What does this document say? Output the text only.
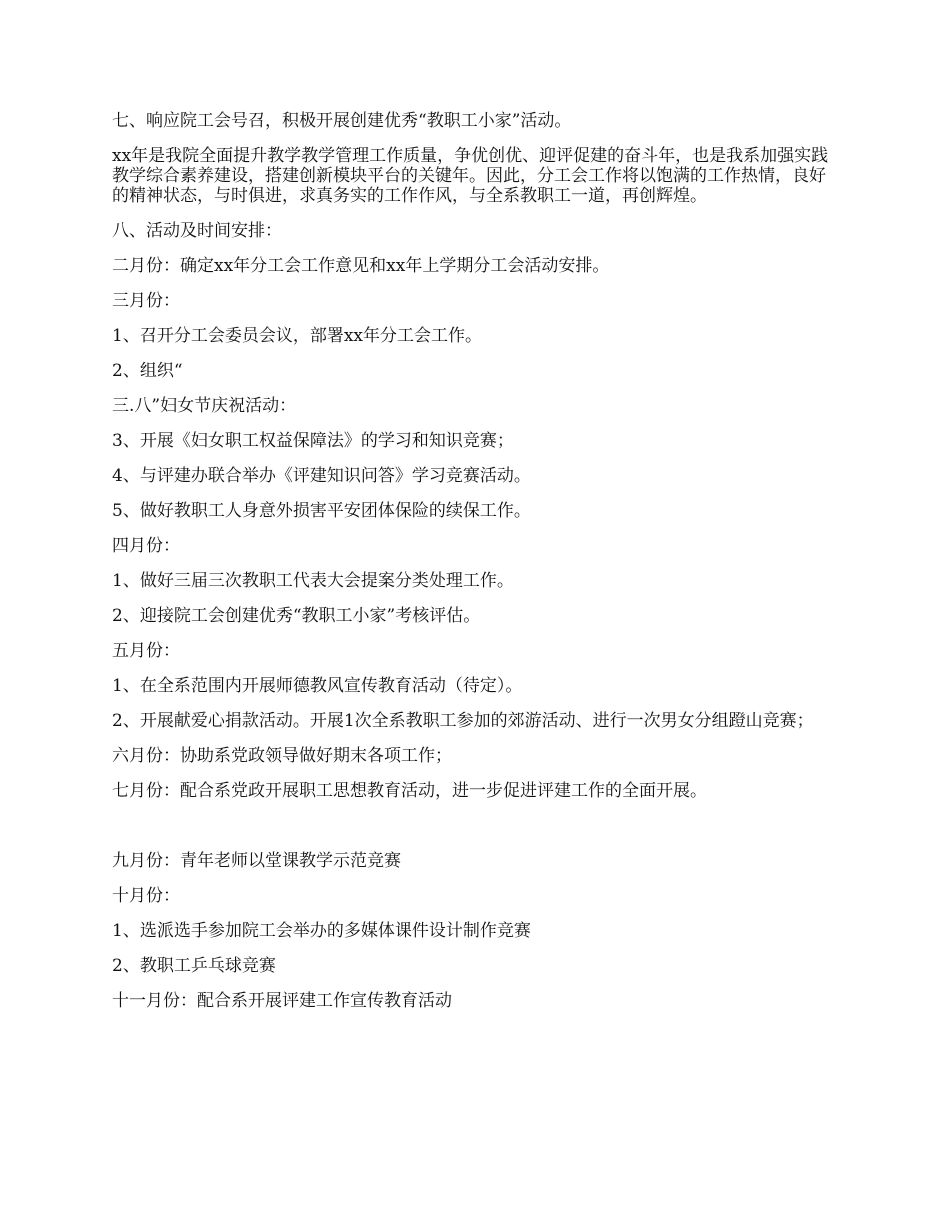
七、响应院工会号召，积极开展创建优秀“教职工小家”活动。

xx年是我院全面提升教学教学管理工作质量，争优创优、迎评促建的奋斗年，也是我系加强实践教学综合素养建设，搭建创新模块平台的关键年。因此，分工会工作将以饱满的工作热情，良好的精神状态，与时俱进，求真务实的工作作风，与全系教职工一道，再创辉煌。

八、活动及时间安排：

二月份：确定xx年分工会工作意见和xx年上学期分工会活动安排。

三月份：

1、召开分工会委员会议，部署xx年分工会工作。

2、组织“

三.八”妇女节庆祝活动：

3、开展《妇女职工权益保障法》的学习和知识竞赛；

4、与评建办联合举办《评建知识问答》学习竞赛活动。

5、做好教职工人身意外损害平安团体保险的续保工作。

四月份：

1、做好三届三次教职工代表大会提案分类处理工作。

2、迎接院工会创建优秀“教职工小家”考核评估。

五月份：

1、在全系范围内开展师德教风宣传教育活动（待定）。

2、开展献爱心捐款活动。开展1次全系教职工参加的郊游活动、进行一次男女分组蹬山竞赛；

六月份：协助系党政领导做好期末各项工作；

七月份：配合系党政开展职工思想教育活动，进一步促进评建工作的全面开展。

九月份：青年老师以堂课教学示范竞赛

十月份：

1、选派选手参加院工会举办的多媒体课件设计制作竞赛

2、教职工乒乓球竞赛

十一月份：配合系开展评建工作宣传教育活动
